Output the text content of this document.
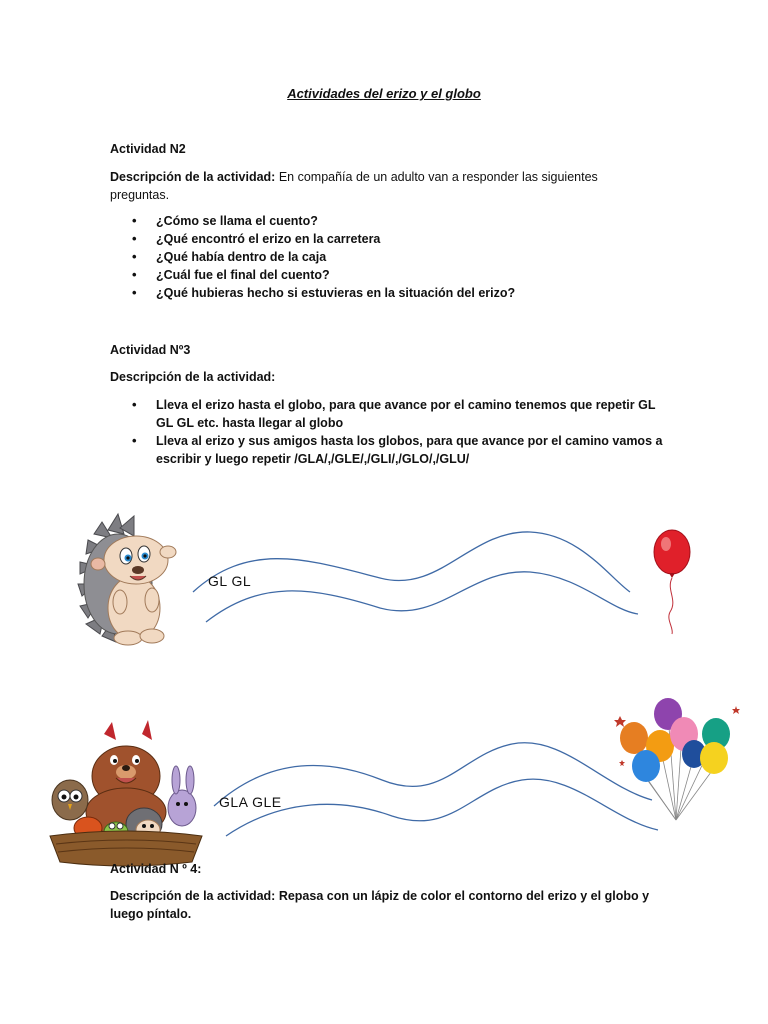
Actividades del erizo y el globo
Actividad N2
Descripción de la actividad: En compañía de un adulto van a responder las siguientes preguntas.
• ¿Cómo se llama el cuento?
• ¿Qué encontró el erizo en la carretera
• ¿Qué había dentro de la caja
• ¿Cuál fue el final del cuento?
• ¿Qué hubieras hecho si estuvieras en la situación del erizo?
Actividad Nº3
Descripción de la actividad:
• Lleva el erizo hasta el globo, para que avance por el camino tenemos que repetir GL GL GL etc. hasta llegar al globo
• Lleva al erizo y sus amigos hasta los globos, para que avance por el camino vamos a escribir y luego repetir /GLA/,/GLE/,/GLI/,/GLO/,/GLU/
GL GL
GLA GLE
Actividad N º 4:
Descripción de la actividad: Repasa con un lápiz de color el contorno del erizo y el globo y luego píntalo.
